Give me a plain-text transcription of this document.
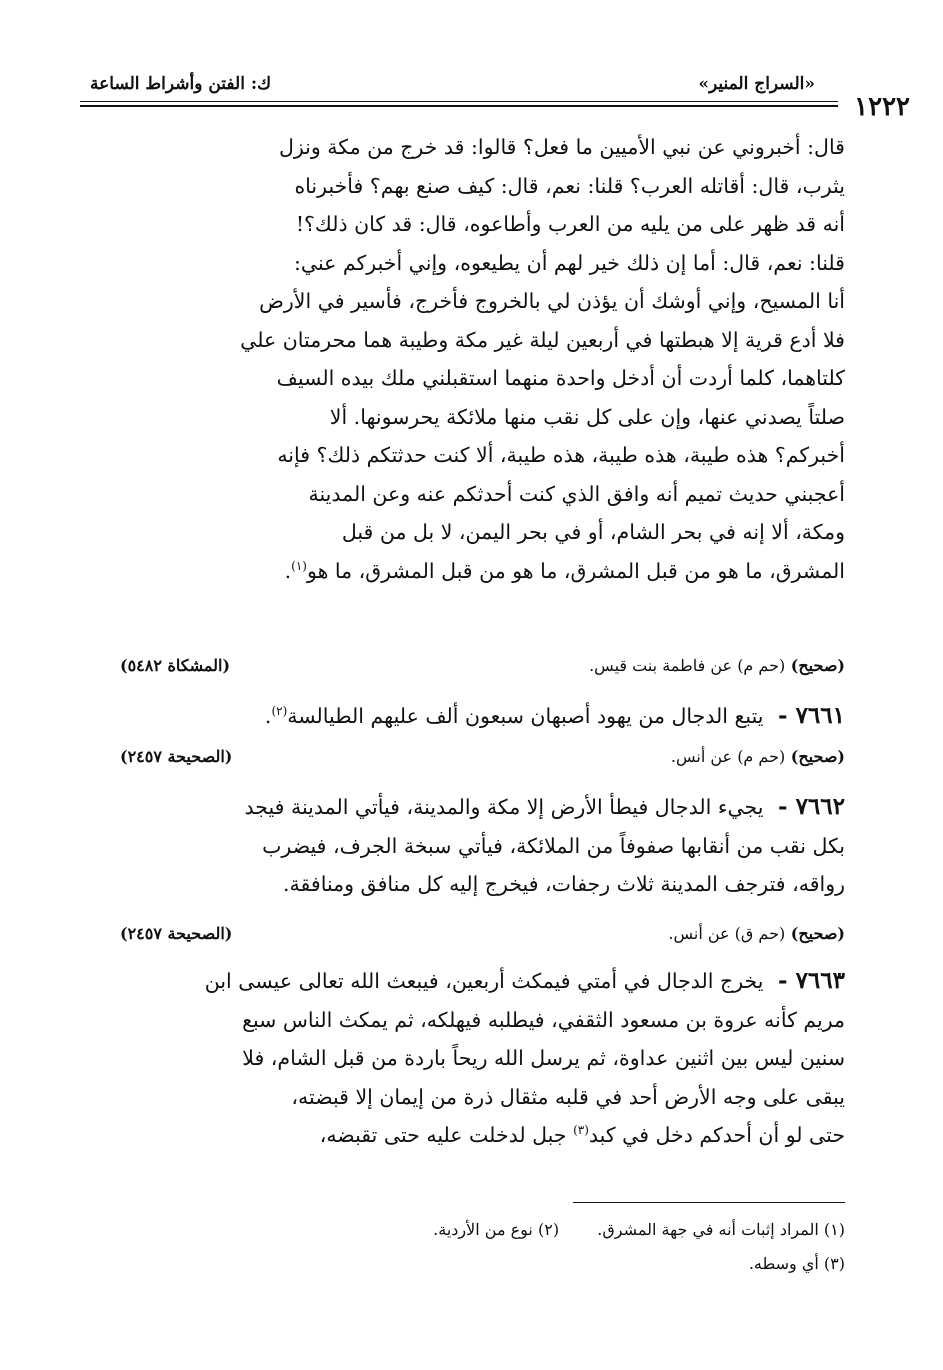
١٢٢٢
«السراج المنير»
ك: الفتن وأشراط الساعة

قال: أخبروني عن نبي الأميين ما فعل؟ قالوا: قد خرج من مكة ونزل

يثرب، قال: أقاتله العرب؟ قلنا: نعم، قال: كيف صنع بهم؟ فأخبرناه

أنه قد ظهر على من يليه من العرب وأطاعوه، قال: قد كان ذلك؟!

قلنا: نعم، قال: أما إن ذلك خير لهم أن يطيعوه، وإني أخبركم عني:

أنا المسيح، وإني أوشك أن يؤذن لي بالخروج فأخرج، فأسير في الأرض

فلا أدع قرية إلا هبطتها في أربعين ليلة غير مكة وطيبة هما محرمتان علي

كلتاهما، كلما أردت أن أدخل واحدة منهما استقبلني ملك بيده السيف

صلتاً يصدني عنها، وإن على كل نقب منها ملائكة يحرسونها. ألا

أخبركم؟ هذه طيبة، هذه طيبة، هذه طيبة، ألا كنت حدثتكم ذلك؟ فإنه

أعجبني حديث تميم أنه وافق الذي كنت أحدثكم عنه وعن المدينة

ومكة، ألا إنه في بحر الشام، أو في بحر اليمن، لا بل من قبل

المشرق، ما هو من قبل المشرق، ما هو من قبل المشرق، ما هو$^{(١)}$.

(صحيح) (حم م) عن فاطمة بنت قيس.
(المشكاة ٥٤٨٢)
٧٦٦١- يتبع الدجال من يهود أصبهان سبعون ألف عليهم الطيالسة$^{(٢)}$.
(صحيح) (حم م) عن أنس.
(الصحيحة ٢٤٥٧)
٧٦٦٢- يجيء الدجال فيطأ الأرض إلا مكة والمدينة، فيأتي المدينة فيجد
بكل نقب من أنقابها صفوفاً من الملائكة، فيأتي سبخة الجرف، فيضرب
رواقه، فترجف المدينة ثلاث رجفات، فيخرج إليه كل منافق ومنافقة.
(صحيح) (حم ق) عن أنس.
(الصحيحة ٢٤٥٧)
٧٦٦٣- يخرج الدجال في أمتي فيمكث أربعين، فيبعث الله تعالى عيسى ابن
مريم كأنه عروة بن مسعود الثقفي، فيطلبه فيهلكه، ثم يمكث الناس سبع
سنين ليس بين اثنين عداوة، ثم يرسل الله ريحاً باردة من قبل الشام، فلا
يبقى على وجه الأرض أحد في قلبه مثقال ذرة من إيمان إلا قبضته،
حتى لو أن أحدكم دخل في كبد$^{(٣)}$ جبل لدخلت عليه حتى تقبضه،
(١) المراد إثبات أنه في جهة المشرق.  (٢) نوع من الأردية.
(٣) أي وسطه.
